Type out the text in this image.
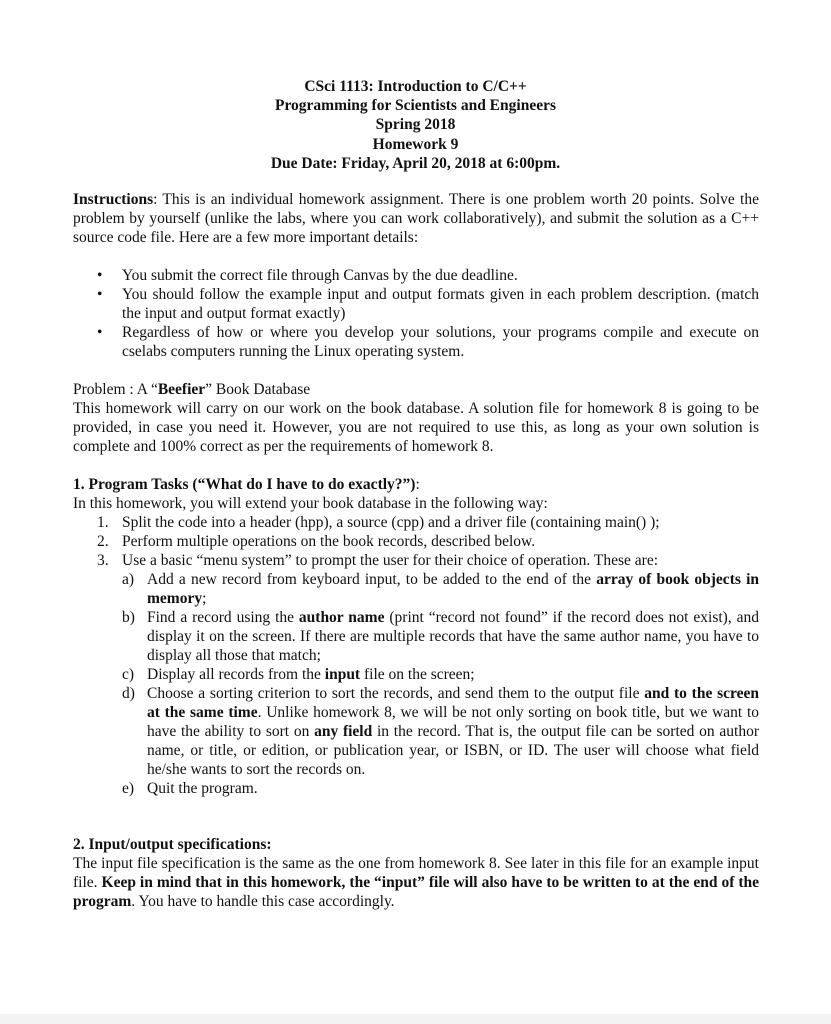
CSci 1113: Introduction to C/C++
Programming for Scientists and Engineers
Spring 2018
Homework 9
Due Date: Friday, April 20, 2018 at 6:00pm.

Instructions: This is an individual homework assignment. There is one problem worth 20 points. Solve the problem by yourself (unlike the labs, where you can work collaboratively), and submit the solution as a C++ source code file. Here are a few more important details:

• You submit the correct file through Canvas by the due deadline.
• You should follow the example input and output formats given in each problem description. (match the input and output format exactly)
• Regardless of how or where you develop your solutions, your programs compile and execute on cselabs computers running the Linux operating system.

Problem : A “Beefier” Book Database

This homework will carry on our work on the book database. A solution file for homework 8 is going to be provided, in case you need it. However, you are not required to use this, as long as your own solution is complete and 100% correct as per the requirements of homework 8.

1. Program Tasks (“What do I have to do exactly?”):

In this homework, you will extend your book database in the following way:

1. Split the code into a header (hpp), a source (cpp) and a driver file (containing main() );
2. Perform multiple operations on the book records, described below.
3. Use a basic “menu system” to prompt the user for their choice of operation. These are:
a) Add a new record from keyboard input, to be added to the end of the array of book objects in memory;
b) Find a record using the author name (print “record not found” if the record does not exist), and display it on the screen. If there are multiple records that have the same author name, you have to display all those that match;
c) Display all records from the input file on the screen;
d) Choose a sorting criterion to sort the records, and send them to the output file and to the screen at the same time. Unlike homework 8, we will be not only sorting on book title, but we want to have the ability to sort on any field in the record. That is, the output file can be sorted on author name, or title, or edition, or publication year, or ISBN, or ID. The user will choose what field he/she wants to sort the records on.
e) Quit the program.

2. Input/output specifications:

The input file specification is the same as the one from homework 8. See later in this file for an example input file. Keep in mind that in this homework, the “input” file will also have to be written to at the end of the program. You have to handle this case accordingly.
